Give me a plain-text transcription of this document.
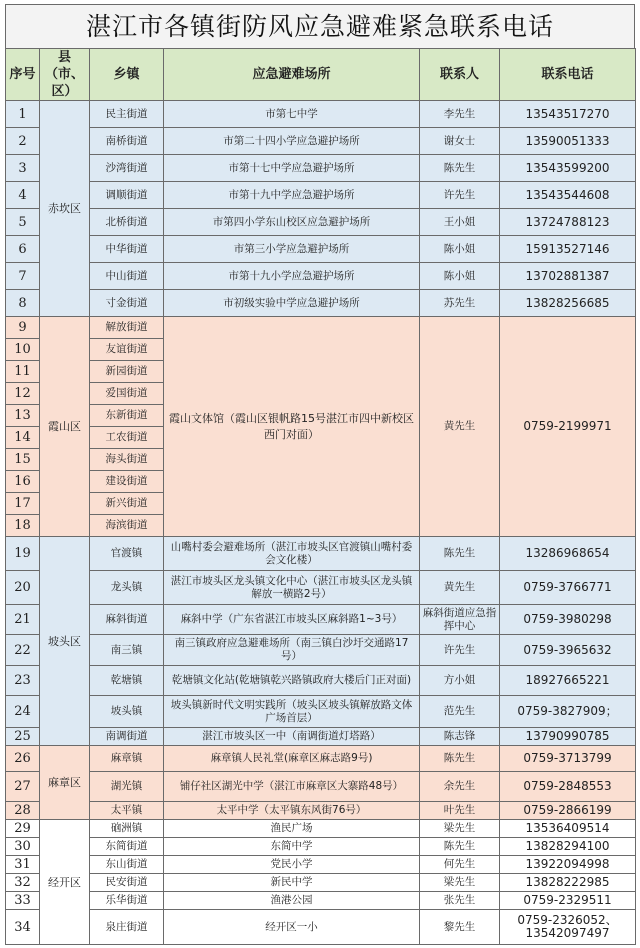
湛江市各镇街防风应急避难紧急联系电话
序号	县（市、区）	乡镇	应急避难场所	联系人	联系电话
1	赤坎区	民主街道	市第七中学	李先生	13543517270
2		南桥街道	市第二十四小学应急避护场所	谢女士	13590051333
3		沙湾街道	市第十七中学应急避护场所	陈先生	13543599200
4		调顺街道	市第十九中学应急避护场所	许先生	13543544608
5		北桥街道	市第四小学东山校区应急避护场所	王小姐	13724788123
6		中华街道	市第三小学应急避护场所	陈小姐	15913527146
7		中山街道	市第十九小学应急避护场所	陈小姐	13702881387
8		寸金街道	市初级实验中学应急避护场所	苏先生	13828256685
9	霞山区	解放街道	霞山文体馆（霞山区银帆路15号湛江市四中新校区西门对面）	黄先生	0759-2199971
10		友谊街道			
11		新园街道			
12		爱国街道			
13		东新街道			
14		工农街道			
15		海头街道			
16		建设街道			
17		新兴街道			
18		海滨街道			
19	坡头区	官渡镇	山嘴村委会避难场所（湛江市坡头区官渡镇山嘴村委会文化楼）	陈先生	13286968654
20		龙头镇	湛江市坡头区龙头镇文化中心（湛江市坡头区龙头镇解放一横路2号）	黄先生	0759-3766771
21		麻斜街道	麻斜中学（广东省湛江市坡头区麻斜路1~3号）	麻斜街道应急指挥中心	0759-3980298
22		南三镇	南三镇政府应急避难场所（南三镇白沙圩交通路17号）	许先生	0759-3965632
23		乾塘镇	乾塘镇文化站(乾塘镇乾兴路镇政府大楼后门正对面)	方小姐	18927665221
24		坡头镇	坡头镇新时代文明实践所（坡头区坡头镇解放路文体广场首层）	范先生	0759-3827909；
25		南调街道	湛江市坡头区一中（南调街道灯塔路）	陈志锋	13790990785
26	麻章区	麻章镇	麻章镇人民礼堂(麻章区麻志路9号)	陈先生	0759-3713799
27		湖光镇	铺仔社区湖光中学（湛江市麻章区大寨路48号）	余先生	0759-2848553
28		太平镇	太平中学（太平镇东风街76号）	叶先生	0759-2866199
29	经开区	硇洲镇	渔民广场	梁先生	13536409514
30		东简街道	东简中学	陈先生	13828294100
31		东山街道	党民小学	何先生	13922094998
32		民安街道	新民中学	梁先生	13828222985
33		乐华街道	渔港公园	张先生	0759-2329511
34		泉庄街道	经开区一小	黎先生	0759-2326052、13542097497
